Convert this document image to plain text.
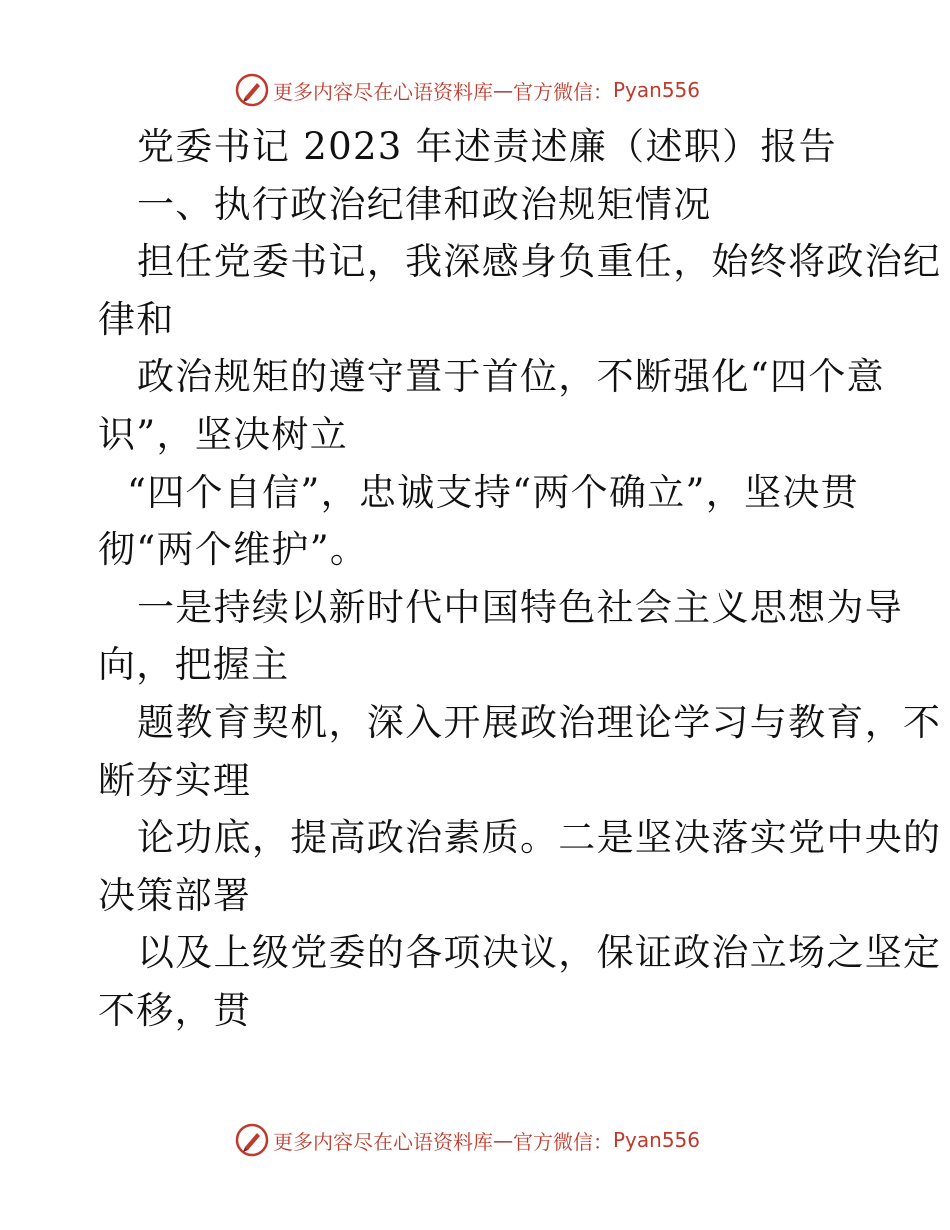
更多内容尽在心语资料库 — 官方微信： Pyan556

党委书记 2023 年述责述廉（述职）报告

一、执行政治纪律和政治规矩情况

担任党委书记，我深感身负重任，始终将政治纪

律和

政治规矩的遵守置于首位，不断强化“四个意

识”，坚决树立

“四个自信”，忠诚支持“两个确立”，坚决贯

彻“两个维护”。

一是持续以新时代中国特色社会主义思想为导

向，把握主

题教育契机，深入开展政治理论学习与教育，不

断夯实理

论功底，提高政治素质。二是坚决落实党中央的

决策部署

以及上级党委的各项决议，保证政治立场之坚定

不移，贯

更多内容尽在心语资料库 — 官方微信： Pyan556
